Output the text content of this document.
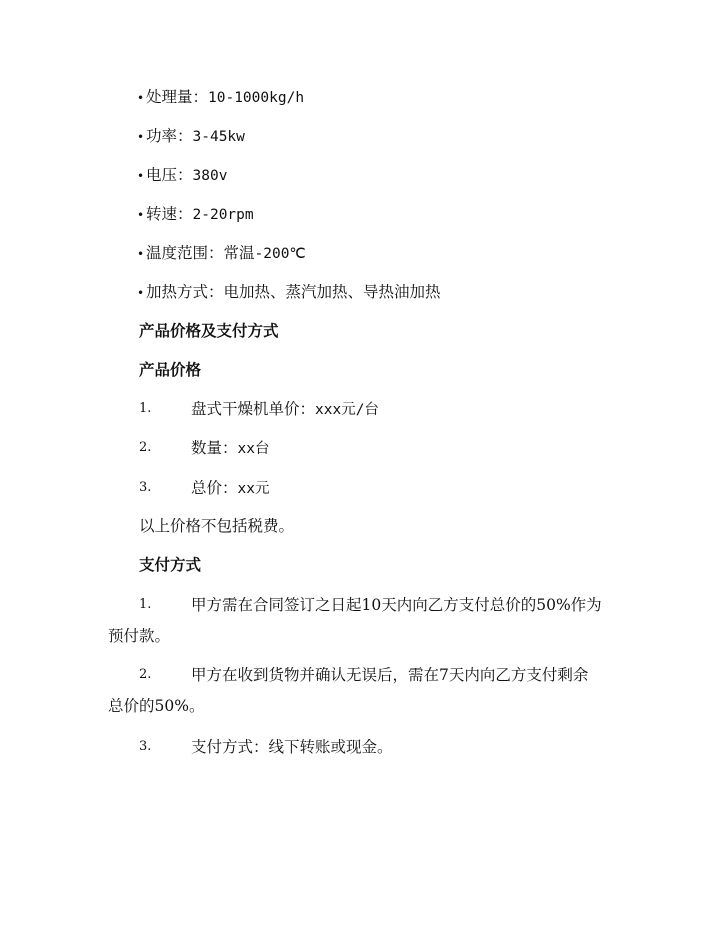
• 处理量：10-1000kg/h
• 功率：3-45kw
• 电压：380v
• 转速：2-20rpm
• 温度范围：常温-200℃
• 加热方式：电加热、蒸汽加热、导热油加热
产品价格及支付方式
产品价格
1.	盘式干燥机单价：xxx元/台
2.	数量：xx台
3.	总价：xx元
以上价格不包括税费。
支付方式
1.	甲方需在合同签订之日起10天内向乙方支付总价的50%作为
预付款。
2.	甲方在收到货物并确认无误后，需在7天内向乙方支付剩余
总价的50%。
3.	支付方式：线下转账或现金。
